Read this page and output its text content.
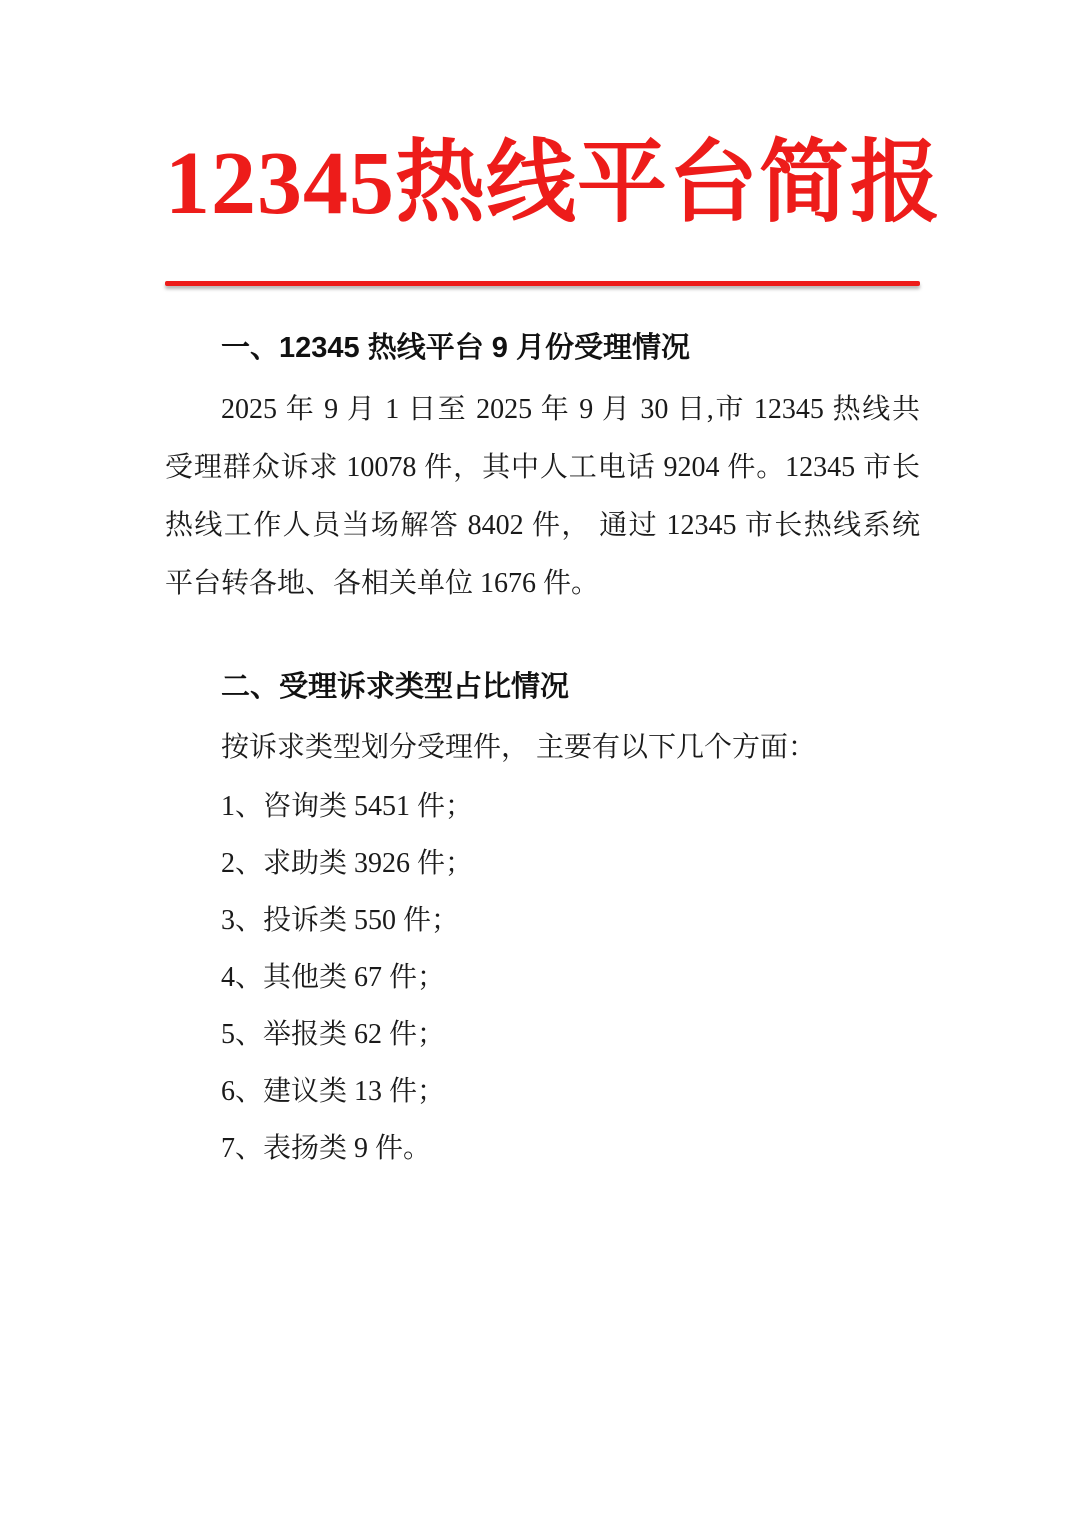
12345热线平台简报
一、12345 热线平台 9 月份受理情况
2025 年 9 月 1 日至 2025 年 9 月 30 日,市 12345 热线共
受理群众诉求 10078 件，其中人工电话 9204 件。12345 市长
热线工作人员当场解答 8402 件， 通过 12345 市长热线系统
平台转各地、各相关单位 1676 件。
二、受理诉求类型占比情况
按诉求类型划分受理件， 主要有以下几个方面：
1、咨询类 5451 件；
2、求助类 3926 件；
3、投诉类 550 件；
4、其他类 67 件；
5、举报类 62 件；
6、建议类 13 件；
7、表扬类 9 件。
